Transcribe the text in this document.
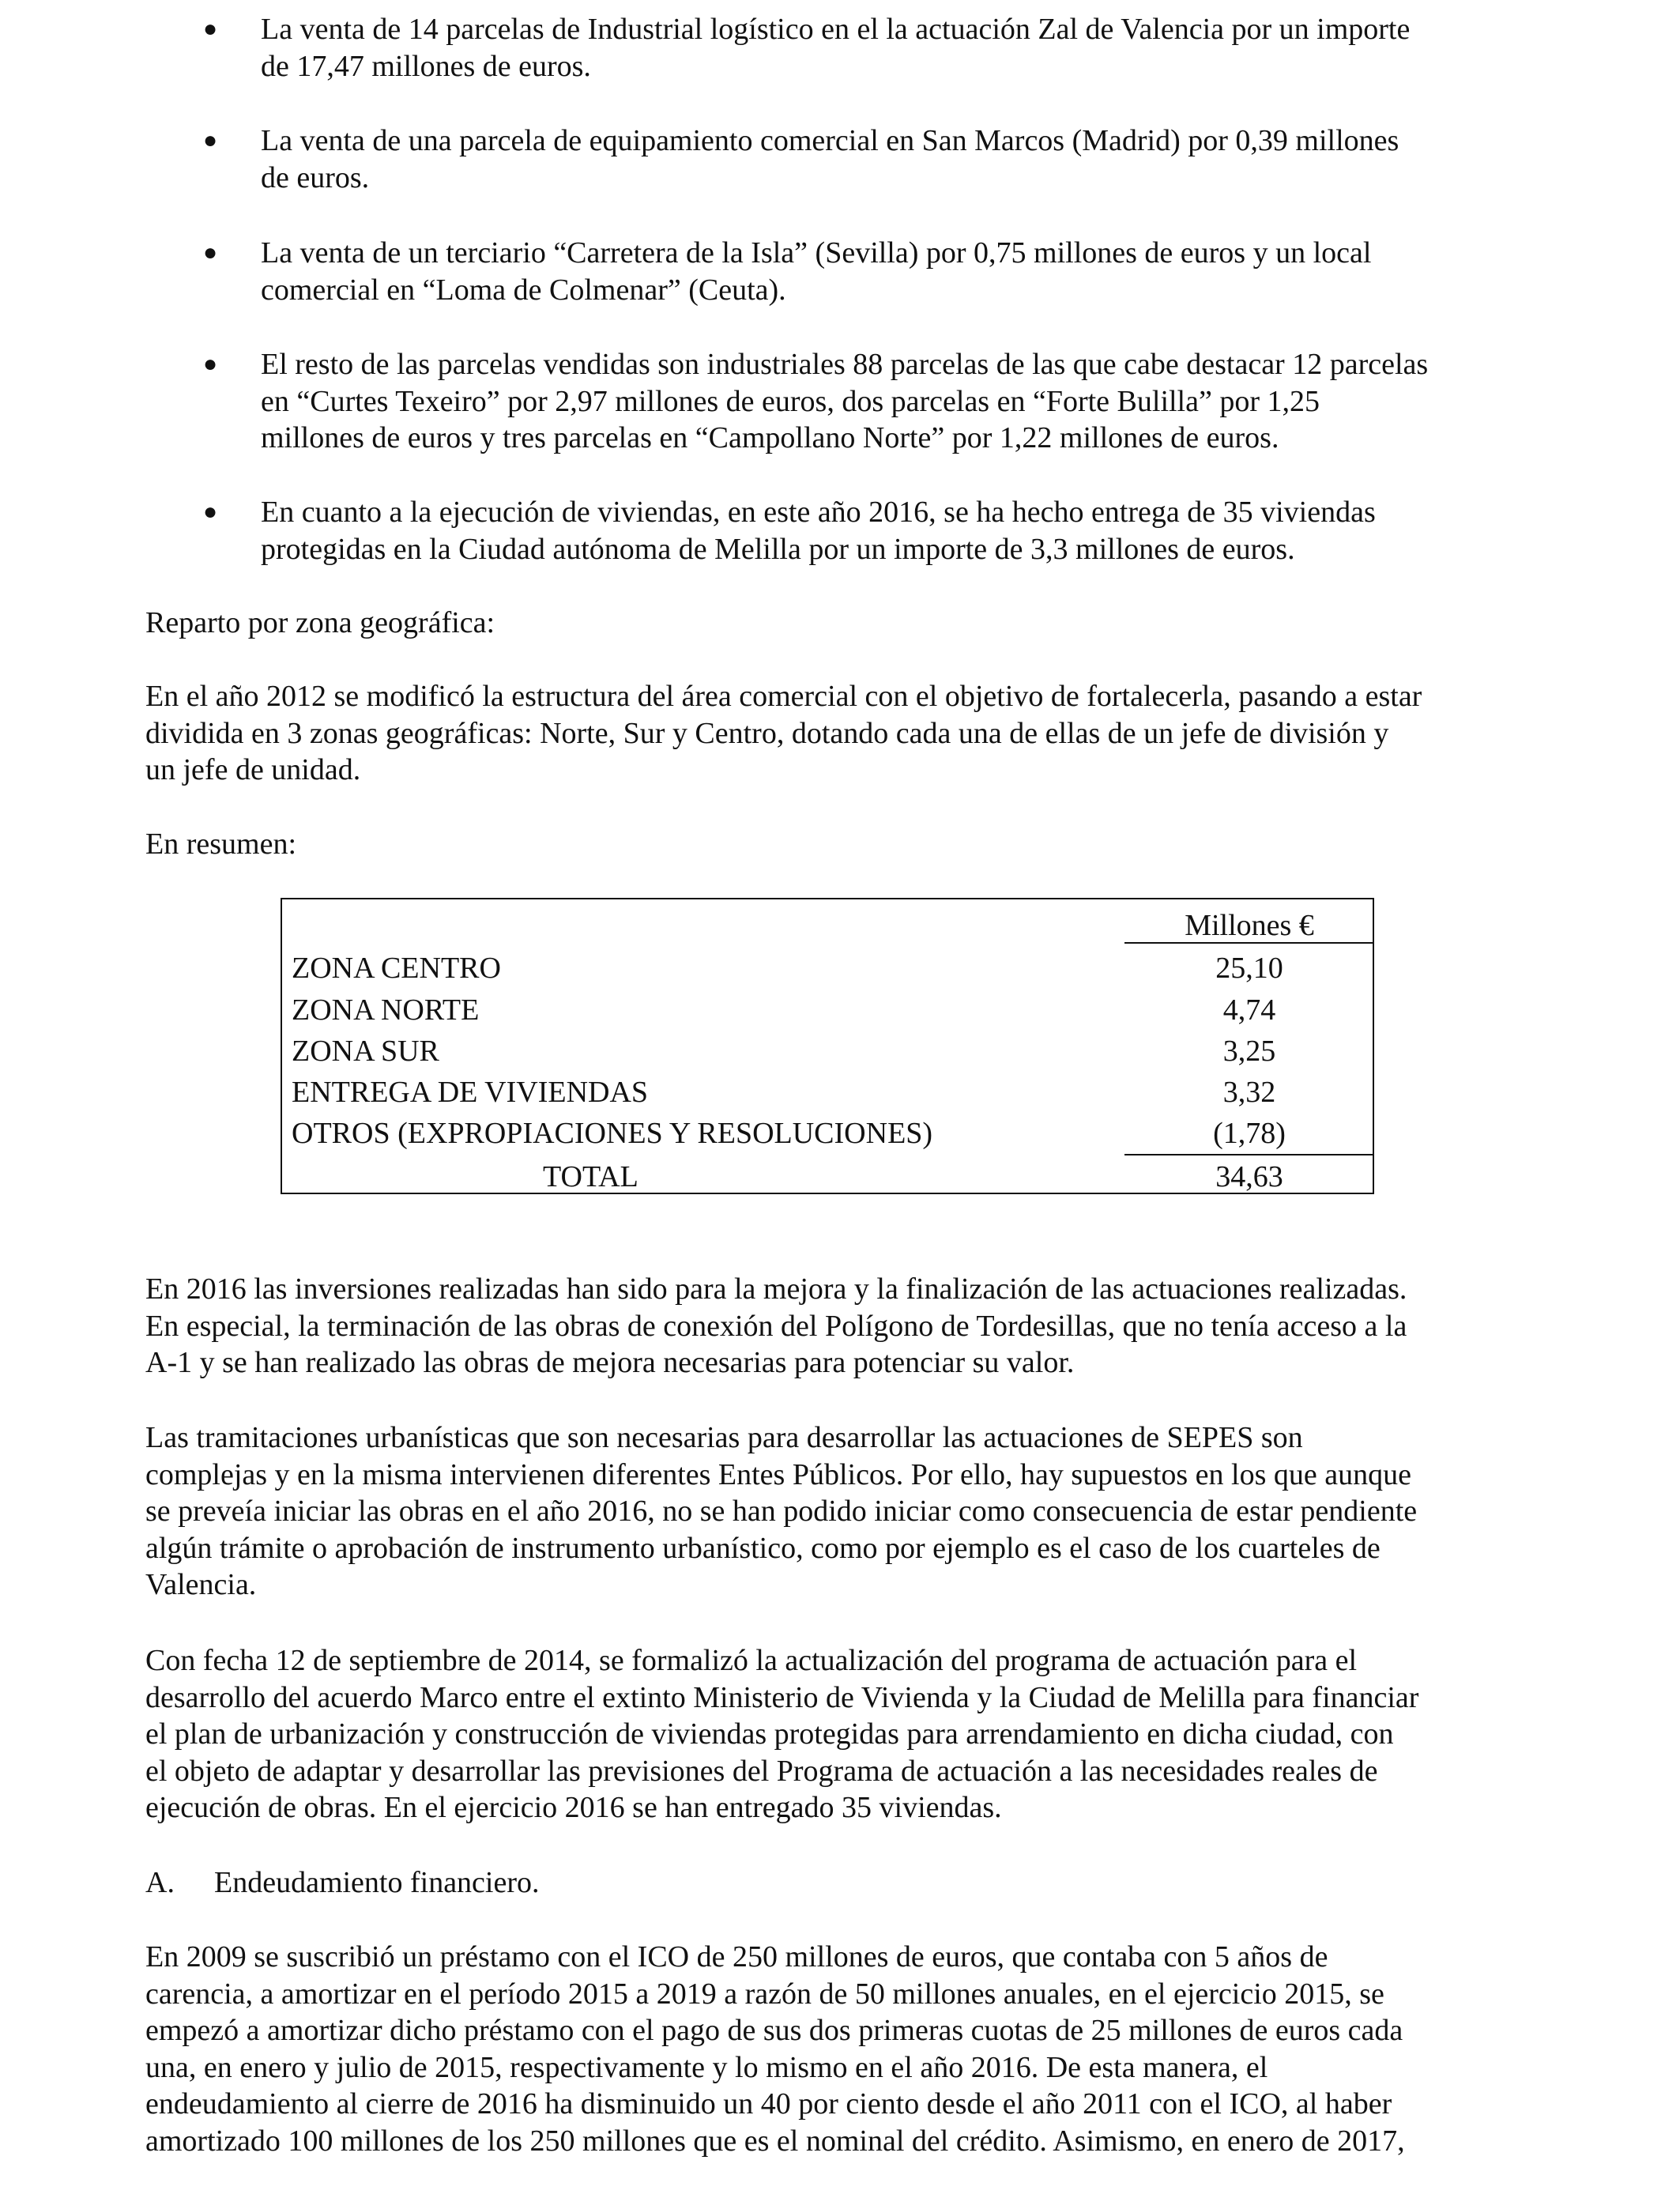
● La venta de 14 parcelas de Industrial logístico en el la actuación Zal de Valencia por un importe
de 17,47 millones de euros.
● La venta de una parcela de equipamiento comercial en San Marcos (Madrid) por 0,39 millones
de euros.
● La venta de un terciario “Carretera de la Isla” (Sevilla) por 0,75 millones de euros y un local
comercial en “Loma de Colmenar” (Ceuta).
● El resto de las parcelas vendidas son industriales 88 parcelas de las que cabe destacar 12 parcelas
en “Curtes Texeiro” por 2,97 millones de euros, dos parcelas en “Forte Bulilla” por 1,25
millones de euros y tres parcelas en “Campollano Norte” por 1,22 millones de euros.
● En cuanto a la ejecución de viviendas, en este año 2016, se ha hecho entrega de 35 viviendas
protegidas en la Ciudad autónoma de Melilla por un importe de 3,3 millones de euros.

Reparto por zona geográfica:

En el año 2012 se modificó la estructura del área comercial con el objetivo de fortalecerla, pasando a estar
dividida en 3 zonas geográficas: Norte, Sur y Centro, dotando cada una de ellas de un jefe de división y
un jefe de unidad.

En resumen:

Millones €
ZONA CENTRO	25,10
ZONA NORTE	4,74
ZONA SUR	3,25
ENTREGA DE VIVIENDAS	3,32
OTROS (EXPROPIACIONES Y RESOLUCIONES)	(1,78)
TOTAL	34,63

En 2016 las inversiones realizadas han sido para la mejora y la finalización de las actuaciones realizadas.
En especial, la terminación de las obras de conexión del Polígono de Tordesillas, que no tenía acceso a la
A-1 y se han realizado las obras de mejora necesarias para potenciar su valor.

Las tramitaciones urbanísticas que son necesarias para desarrollar las actuaciones de SEPES son
complejas y en la misma intervienen diferentes Entes Públicos. Por ello, hay supuestos en los que aunque
se preveía iniciar las obras en el año 2016, no se han podido iniciar como consecuencia de estar pendiente
algún trámite o aprobación de instrumento urbanístico, como por ejemplo es el caso de los cuarteles de
Valencia.

Con fecha 12 de septiembre de 2014, se formalizó la actualización del programa de actuación para el
desarrollo del acuerdo Marco entre el extinto Ministerio de Vivienda y la Ciudad de Melilla para financiar
el plan de urbanización y construcción de viviendas protegidas para arrendamiento en dicha ciudad, con
el objeto de adaptar y desarrollar las previsiones del Programa de actuación a las necesidades reales de
ejecución de obras. En el ejercicio 2016 se han entregado 35 viviendas.

A. Endeudamiento financiero.

En 2009 se suscribió un préstamo con el ICO de 250 millones de euros, que contaba con 5 años de
carencia, a amortizar en el período 2015 a 2019 a razón de 50 millones anuales, en el ejercicio 2015, se
empezó a amortizar dicho préstamo con el pago de sus dos primeras cuotas de 25 millones de euros cada
una, en enero y julio de 2015, respectivamente y lo mismo en el año 2016. De esta manera, el
endeudamiento al cierre de 2016 ha disminuido un 40 por ciento desde el año 2011 con el ICO, al haber
amortizado 100 millones de los 250 millones que es el nominal del crédito. Asimismo, en enero de 2017,
